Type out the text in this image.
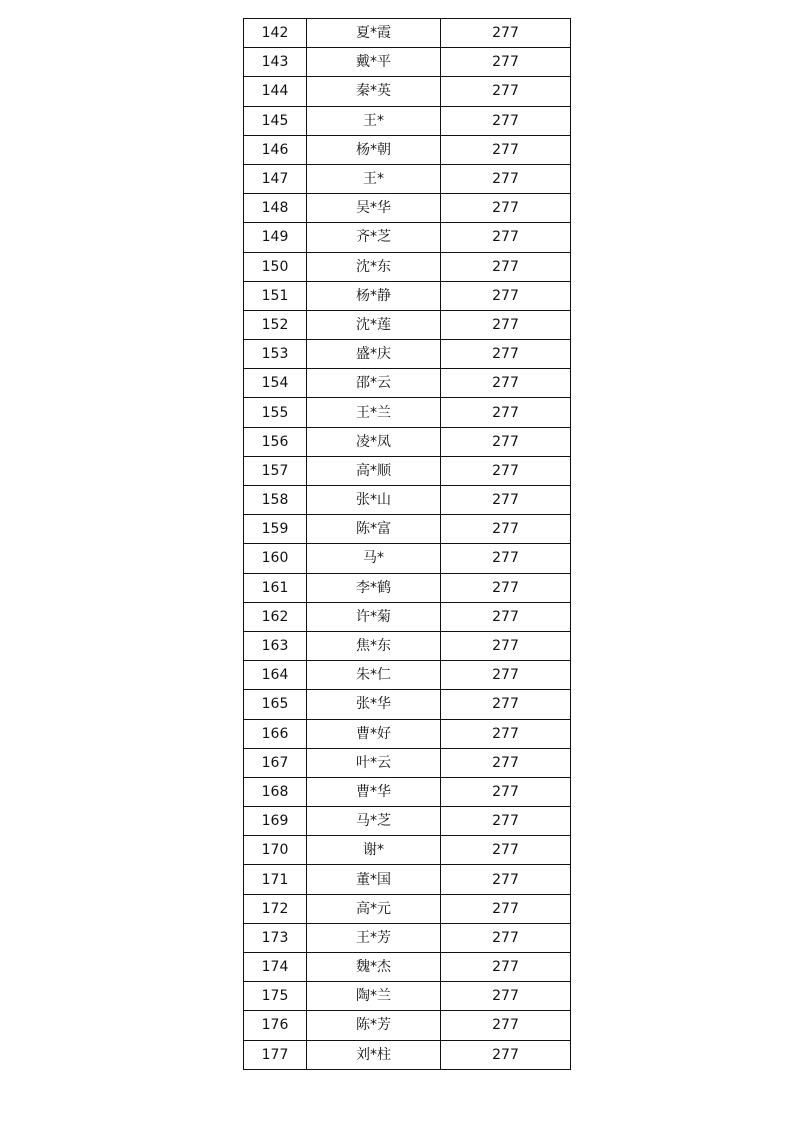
142	夏*霞	277
143	戴*平	277
144	秦*英	277
145	王*	277
146	杨*朝	277
147	王*	277
148	吴*华	277
149	齐*芝	277
150	沈*东	277
151	杨*静	277
152	沈*莲	277
153	盛*庆	277
154	邵*云	277
155	王*兰	277
156	凌*凤	277
157	高*顺	277
158	张*山	277
159	陈*富	277
160	马*	277
161	李*鹤	277
162	许*菊	277
163	焦*东	277
164	朱*仁	277
165	张*华	277
166	曹*好	277
167	叶*云	277
168	曹*华	277
169	马*芝	277
170	谢*	277
171	董*国	277
172	高*元	277
173	王*芳	277
174	魏*杰	277
175	陶*兰	277
176	陈*芳	277
177	刘*柱	277
